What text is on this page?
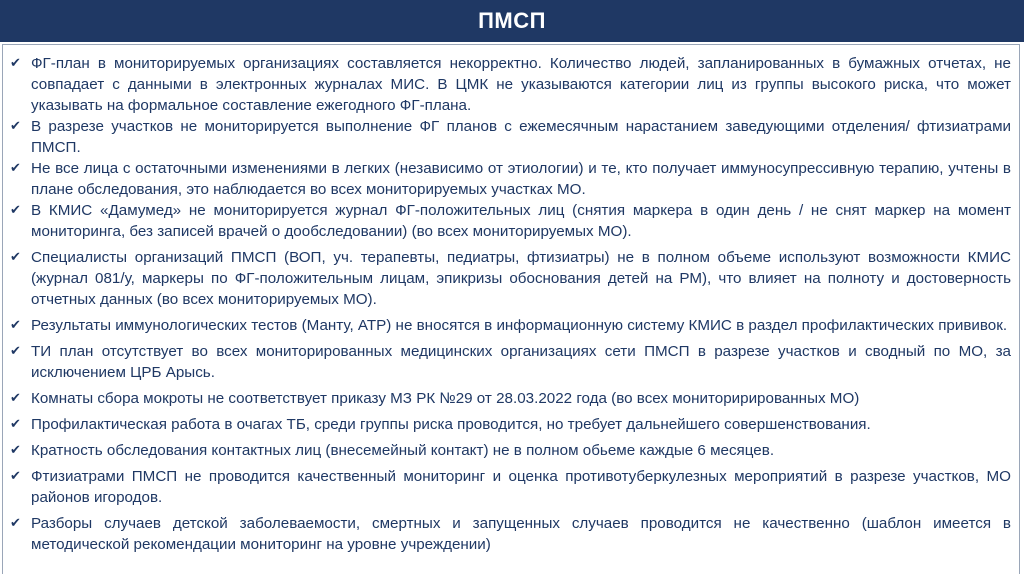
ПМСП
✔ ФГ-план в мониторируемых организациях составляется некорректно. Количество людей, запланированных в бумажных отчетах, не совпадает с данными в электронных журналах МИС. В ЦМК не указываются категории лиц из группы высокого риска, что может указывать на формальное составление ежегодного ФГ-плана.
✔ В разрезе участков не мониторируется выполнение ФГ планов с ежемесячным нарастанием заведующими отделения/ фтизиатрами ПМСП.
✔ Не все лица с остаточными изменениями в легких (независимо от этиологии) и те, кто получает иммуносупрессивную терапию, учтены в плане обследования, это наблюдается во всех мониторируемых участках МО.
✔ В КМИС «Дамумед» не мониторируется журнал ФГ-положительных лиц (снятия маркера в один день / не снят маркер на момент мониторинга, без записей врачей о дообследовании) (во всех мониторируемых МО).
✔ Специалисты организаций ПМСП (ВОП, уч. терапевты, педиатры, фтизиатры) не в полном объеме используют возможности КМИС (журнал 081/у, маркеры по ФГ-положительным лицам, эпикризы обоснования детей на РМ), что влияет на полноту и достоверность отчетных данных (во всех мониторируемых МО).
✔ Результаты иммунологических тестов (Манту, АТР) не вносятся в информационную систему КМИС в раздел профилактических прививок.
✔ ТИ план отсутствует во всех мониторированных медицинских организациях сети ПМСП в разрезе участков и сводный по МО, за исключением ЦРБ Арысь.
✔ Комнаты сбора мокроты не соответствует приказу МЗ РК №29 от 28.03.2022 года (во всех мониторирированных МО)
✔ Профилактическая работа в очагах ТБ, среди группы риска проводится, но требует дальнейшего совершенствования.
✔ Кратность обследования контактных лиц (внесемейный контакт) не в полном обьеме каждые 6 месяцев.
✔ Фтизиатрами ПМСП не проводится качественный мониторинг и оценка противотуберкулезных мероприятий в разрезе участков, МО районов игородов.
✔ Разборы случаев детской заболеваемости, смертных и запущенных случаев проводится не качественно (шаблон имеется в методической рекомендации мониторинг на уровне учреждении)
